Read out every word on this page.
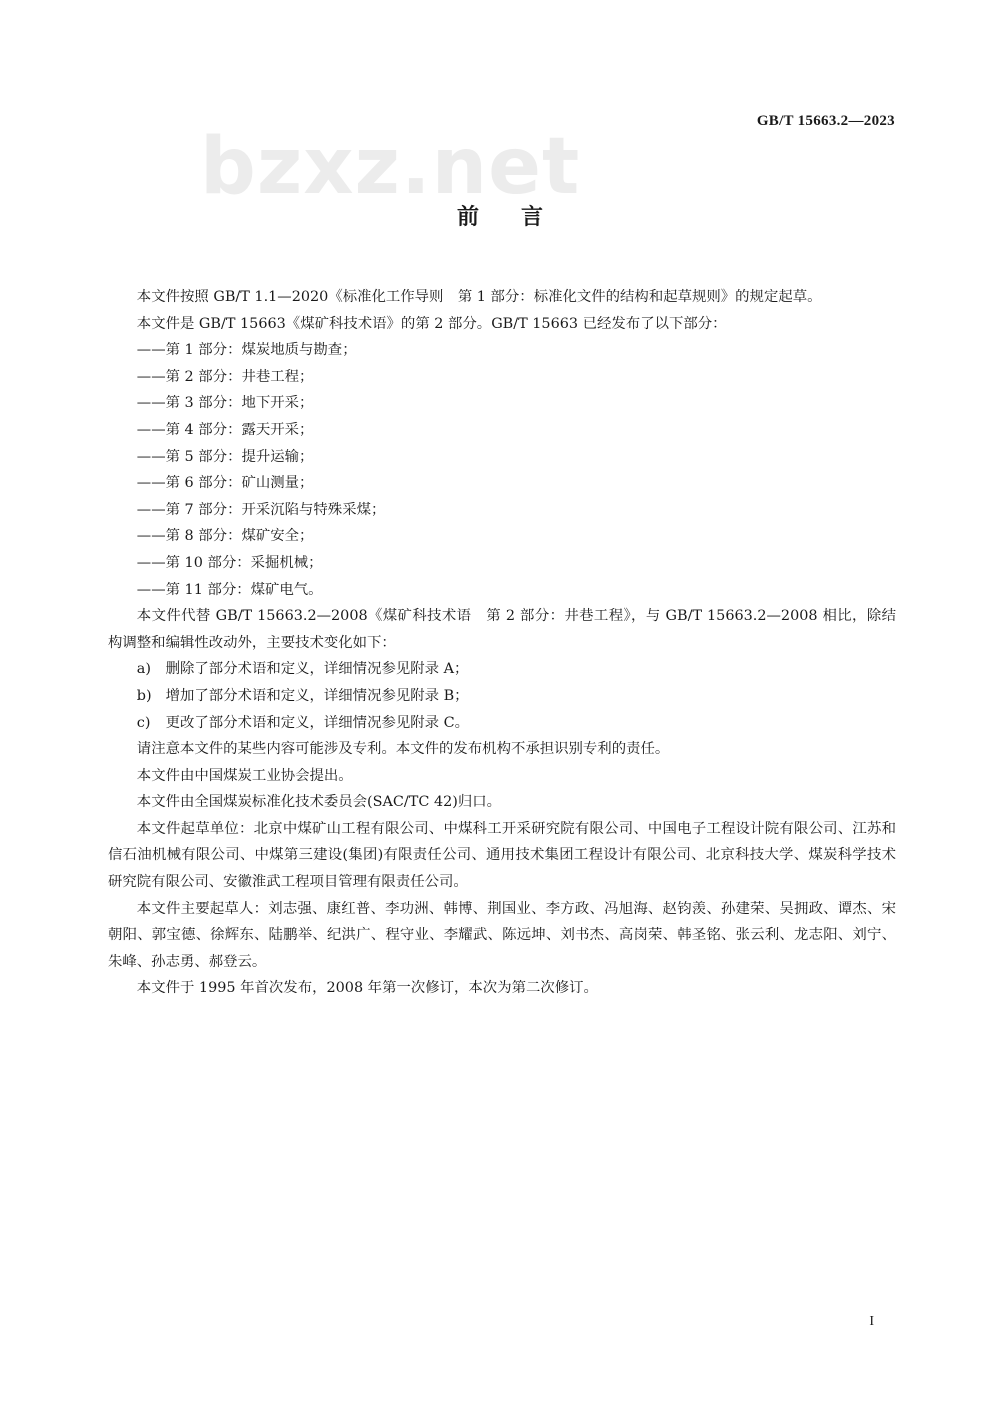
bzxz.net
GB/T 15663.2—2023
前言

本文件按照 GB/T 1.1—2020《标准化工作导则　第 1 部分：标准化文件的结构和起草规则》的规定起草。

本文件是 GB/T 15663《煤矿科技术语》的第 2 部分。GB/T 15663 已经发布了以下部分：

——第 1 部分：煤炭地质与勘查；

——第 2 部分：井巷工程；

——第 3 部分：地下开采；

——第 4 部分：露天开采；

——第 5 部分：提升运输；

——第 6 部分：矿山测量；

——第 7 部分：开采沉陷与特殊采煤；

——第 8 部分：煤矿安全；

——第 10 部分：采掘机械；

——第 11 部分：煤矿电气。

本文件代替 GB/T 15663.2—2008《煤矿科技术语　第 2 部分：井巷工程》，与 GB/T 15663.2—2008 相比，除结构调整和编辑性改动外，主要技术变化如下：

a) 删除了部分术语和定义，详细情况参见附录 A；

b) 增加了部分术语和定义，详细情况参见附录 B；

c) 更改了部分术语和定义，详细情况参见附录 C。

请注意本文件的某些内容可能涉及专利。本文件的发布机构不承担识别专利的责任。

本文件由中国煤炭工业协会提出。

本文件由全国煤炭标准化技术委员会(SAC/TC 42)归口。

本文件起草单位：北京中煤矿山工程有限公司、中煤科工开采研究院有限公司、中国电子工程设计院有限公司、江苏和信石油机械有限公司、中煤第三建设(集团)有限责任公司、通用技术集团工程设计有限公司、北京科技大学、煤炭科学技术研究院有限公司、安徽淮武工程项目管理有限责任公司。

本文件主要起草人：刘志强、康红普、李功洲、韩博、荆国业、李方政、冯旭海、赵钧羡、孙建荣、吴拥政、谭杰、宋朝阳、郭宝德、徐辉东、陆鹏举、纪洪广、程守业、李耀武、陈远坤、刘书杰、高岗荣、韩圣铭、张云利、龙志阳、刘宁、朱峰、孙志勇、郝登云。

本文件于 1995 年首次发布，2008 年第一次修订，本次为第二次修订。

I
